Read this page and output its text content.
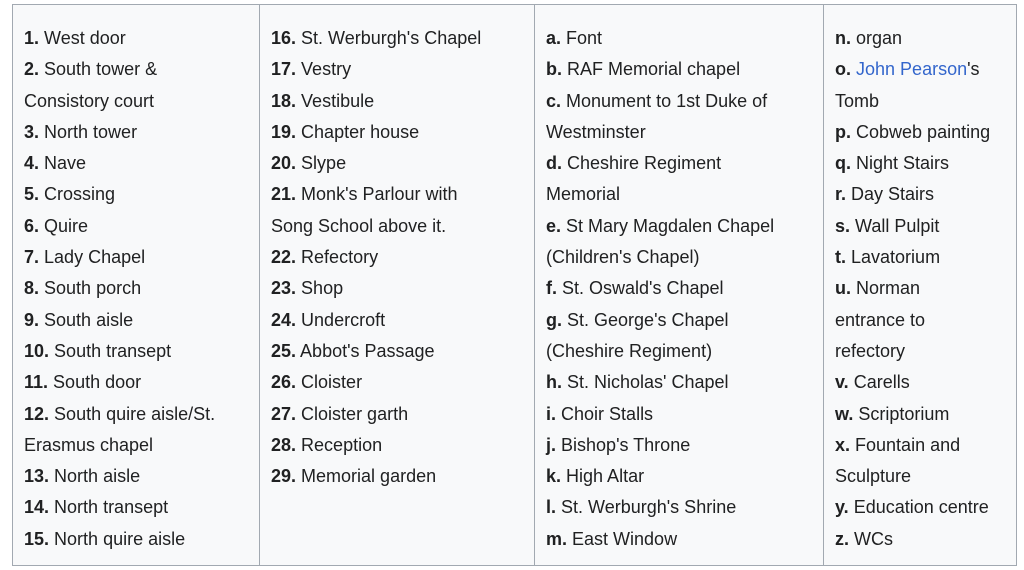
1. West door
2. South tower &
Consistory court
3. North tower
4. Nave
5. Crossing
6. Quire
7. Lady Chapel
8. South porch
9. South aisle
10. South transept
11. South door
12. South quire aisle/St.
Erasmus chapel
13. North aisle
14. North transept
15. North quire aisle
16. St. Werburgh's Chapel
17. Vestry
18. Vestibule
19. Chapter house
20. Slype
21. Monk's Parlour with
Song School above it.
22. Refectory
23. Shop
24. Undercroft
25. Abbot's Passage
26. Cloister
27. Cloister garth
28. Reception
29. Memorial garden
a. Font
b. RAF Memorial chapel
c. Monument to 1st Duke of
Westminster
d. Cheshire Regiment
Memorial
e. St Mary Magdalen Chapel
(Children's Chapel)
f. St. Oswald's Chapel
g. St. George's Chapel
(Cheshire Regiment)
h. St. Nicholas' Chapel
i. Choir Stalls
j. Bishop's Throne
k. High Altar
l. St. Werburgh's Shrine
m. East Window
n. organ
o. John Pearson's
Tomb
p. Cobweb painting
q. Night Stairs
r. Day Stairs
s. Wall Pulpit
t. Lavatorium
u. Norman
entrance to
refectory
v. Carells
w. Scriptorium
x. Fountain and
Sculpture
y. Education centre
z. WCs
